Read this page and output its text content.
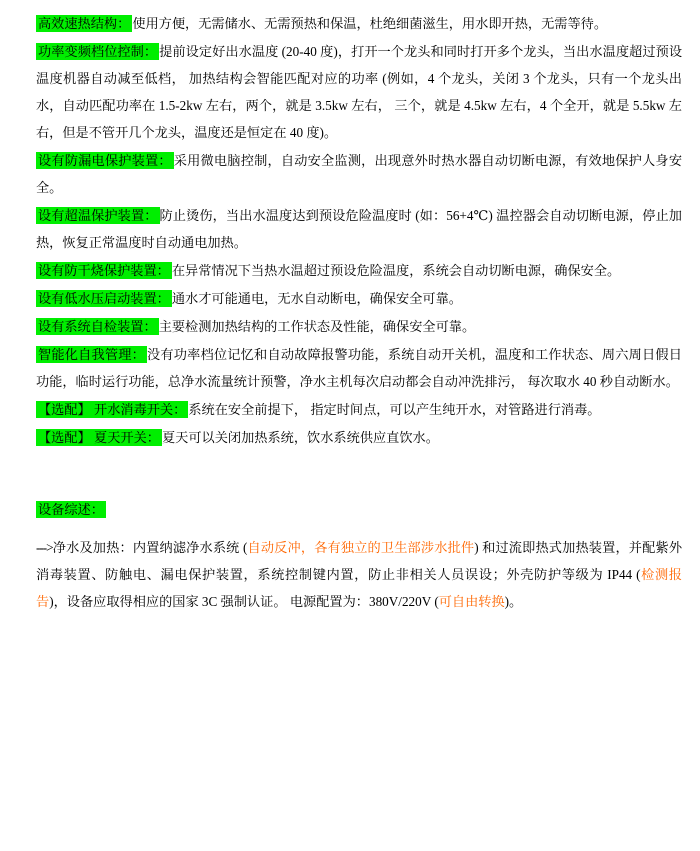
高效速热结构： 使用方便，无需储水、无需预热和保温，杜绝细菌滋生，用水即开热，无需等待。

功率变频档位控制： 提前设定好出水温度 (20-40 度)，打开一个龙头和同时打开多个龙头，当出水温度超过预设温度机器自动减至低档， 加热结构会智能匹配对应的功率 (例如，4 个龙头，关闭 3 个龙头，只有一个龙头出水，自动匹配功率在 1.5-2kw 左右，两个，就是 3.5kw 左右， 三个，就是 4.5kw 左右，4 个全开，就是 5.5kw 左右，但是不管开几个龙头，温度还是恒定在 40 度)。

设有防漏电保护装置： 采用微电脑控制，自动安全监测，出现意外时热水器自动切断电源，有效地保护人身安全。

设有超温保护装置： 防止烫伤，当出水温度达到预设危险温度时 (如：56+4℃) 温控器会自动切断电源，停止加热，恢复正常温度时自动通电加热。

设有防干烧保护装置： 在异常情况下当热水温超过预设危险温度，系统会自动切断电源，确保安全。

设有低水压启动装置： 通水才可能通电，无水自动断电，确保安全可靠。

设有系统自检装置： 主要检测加热结构的工作状态及性能，确保安全可靠。

智能化自我管理： 没有功率档位记忆和自动故障报警功能，系统自动开关机，温度和工作状态、周六周日假日功能，临时运行功能，总净水流量统计预警，净水主机每次启动都会自动冲洗排污， 每次取水 40 秒自动断水。

【选配】 开水消毒开关： 系统在安全前提下， 指定时间点，可以产生纯开水，对管路进行消毒。

【选配】 夏天开关： 夏天可以关闭加热系统，饮水系统供应直饮水。

设备综述：

--->净水及加热：内置纳滤净水系统 (自动反冲，各有独立的卫生部涉水批件) 和过流即热式加热装置，并配紫外消毒装置、防触电、漏电保护装置，系统控制键内置，防止非相关人员误设；外壳防护等级为 IP44 (检测报告)，设备应取得相应的国家 3C 强制认证。 电源配置为：380V/220V (可自由转换)。
